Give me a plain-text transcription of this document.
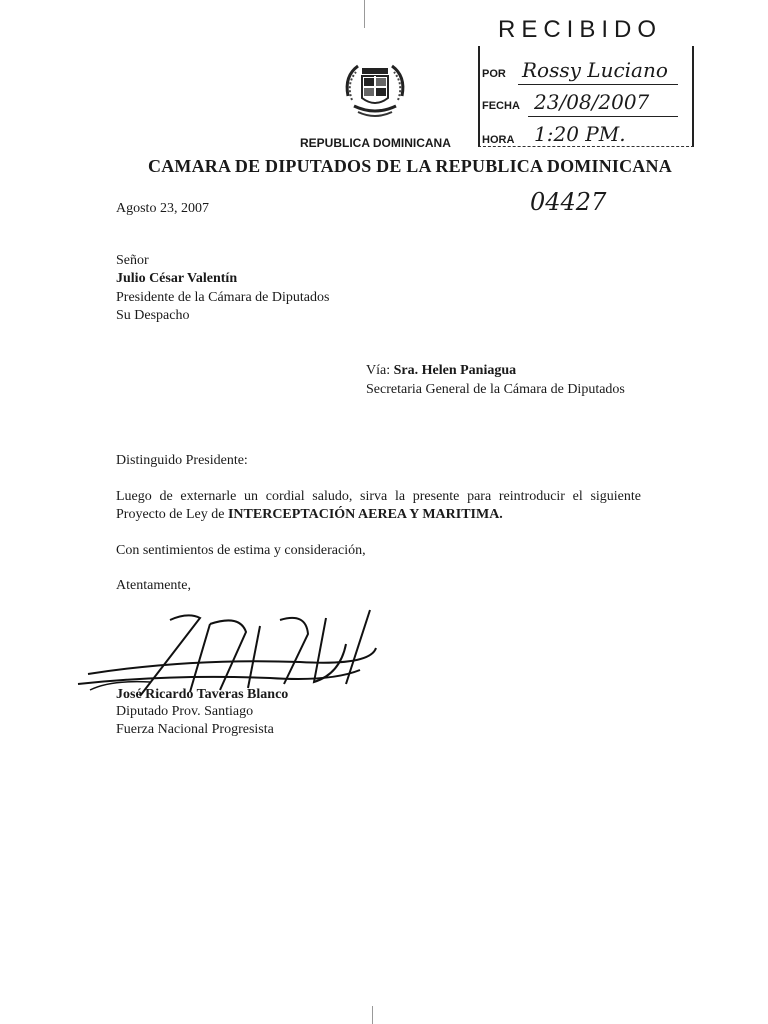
RECIBIDO
POR Rossy Luciano
FECHA 23/08/2007
HORA 1:20 PM.
REPUBLICA DOMINICANA
CAMARA DE DIPUTADOS DE LA REPUBLICA DOMINICANA
04427
Agosto 23, 2007
Señor
Julio César Valentín
Presidente de la Cámara de Diputados
Su Despacho
Vía: Sra. Helen Paniagua
Secretaria General de la Cámara de Diputados
Distinguido Presidente:
Luego de externarle un cordial saludo, sirva la presente para reintroducir el siguiente
Proyecto de Ley de INTERCEPTACIÓN AEREA Y MARITIMA.
Con sentimientos de estima y consideración,
Atentamente,
José Ricardo Taveras Blanco
Diputado Prov. Santiago
Fuerza Nacional Progresista
